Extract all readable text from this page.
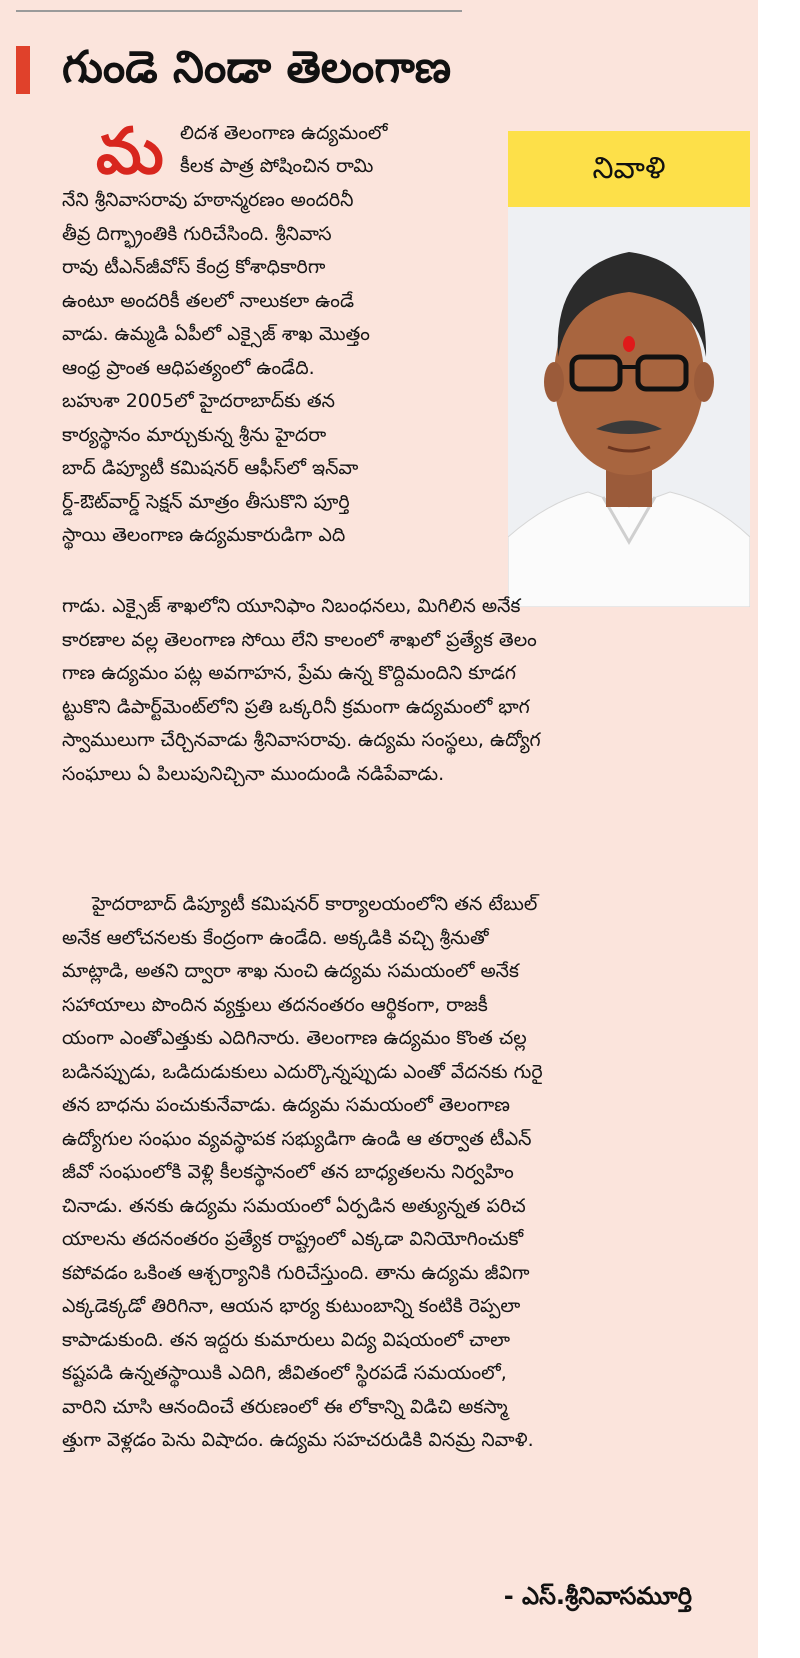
గుండె నిండా తెలంగాణ
మ లిదశ తెలంగాణ ఉద్యమంలో
కీలక పాత్ర పోషించిన రామి
నేని శ్రీనివాసరావు హఠాన్మరణం అందరినీ
తీవ్ర దిగ్భ్రాంతికి గురిచేసింది. శ్రీనివాస
రావు టీఎన్‌జీవోస్ కేంద్ర కోశాధికారిగా
ఉంటూ అందరికీ తలలో నాలుకలా ఉండే
వాడు. ఉమ్మడి ఏపీలో ఎక్సైజ్ శాఖ మొత్తం
ఆంధ్ర ప్రాంత ఆధిపత్యంలో ఉండేది.
బహుశా 2005లో హైదరాబాద్‌కు తన
కార్యస్థానం మార్చుకున్న శ్రీను హైదరా
బాద్ డిప్యూటీ కమిషనర్ ఆఫీస్‌లో ఇన్‌వా
ర్డ్-ఔట్‌వార్డ్ సెక్షన్ మాత్రం తీసుకొని పూర్తి
స్థాయి తెలంగాణ ఉద్యమకారుడిగా ఎది
నివాళి
గాడు. ఎక్సైజ్ శాఖలోని యూనిఫాం నిబంధనలు, మిగిలిన అనేక
కారణాల వల్ల తెలంగాణ సోయి లేని కాలంలో శాఖలో ప్రత్యేక తెలం
గాణ ఉద్యమం పట్ల అవగాహన, ప్రేమ ఉన్న కొద్దిమందిని కూడగ
ట్టుకొని డిపార్ట్‌మెంట్‌లోని ప్రతి ఒక్కరినీ క్రమంగా ఉద్యమంలో భాగ
స్వాములుగా చేర్చినవాడు శ్రీనివాసరావు. ఉద్యమ సంస్థలు, ఉద్యోగ
సంఘాలు ఏ పిలుపునిచ్చినా ముందుండి నడిపేవాడు.
హైదరాబాద్ డిప్యూటీ కమిషనర్ కార్యాలయంలోని తన టేబుల్
అనేక ఆలోచనలకు కేంద్రంగా ఉండేది. అక్కడికి వచ్చి శ్రీనుతో
మాట్లాడి, అతని ద్వారా శాఖ నుంచి ఉద్యమ సమయంలో అనేక
సహాయాలు పొందిన వ్యక్తులు తదనంతరం ఆర్థికంగా, రాజకీ
యంగా ఎంతోఎత్తుకు ఎదిగినారు. తెలంగాణ ఉద్యమం కొంత చల్ల
బడినప్పుడు, ఒడిదుడుకులు ఎదుర్కొన్నప్పుడు ఎంతో వేదనకు గురై
తన బాధను పంచుకునేవాడు. ఉద్యమ సమయంలో తెలంగాణ
ఉద్యోగుల సంఘం వ్యవస్థాపక సభ్యుడిగా ఉండి ఆ తర్వాత టీఎన్
జీవో సంఘంలోకి వెళ్లి కీలకస్థానంలో తన బాధ్యతలను నిర్వహిం
చినాడు. తనకు ఉద్యమ సమయంలో ఏర్పడిన అత్యున్నత పరిచ
యాలను తదనంతరం ప్రత్యేక రాష్ట్రంలో ఎక్కడా వినియోగించుకో
కపోవడం ఒకింత ఆశ్చర్యానికి గురిచేస్తుంది. తాను ఉద్యమ జీవిగా
ఎక్కడెక్కడో తిరిగినా, ఆయన భార్య కుటుంబాన్ని కంటికి రెప్పలా
కాపాడుకుంది. తన ఇద్దరు కుమారులు విద్య విషయంలో చాలా
కష్టపడి ఉన్నతస్థాయికి ఎదిగి, జీవితంలో స్థిరపడే సమయంలో,
వారిని చూసి ఆనందించే తరుణంలో ఈ లోకాన్ని విడిచి అకస్మా
త్తుగా వెళ్లడం పెను విషాదం. ఉద్యమ సహచరుడికి వినమ్ర నివాళి.
- ఎస్.శ్రీనివాసమూర్తి
